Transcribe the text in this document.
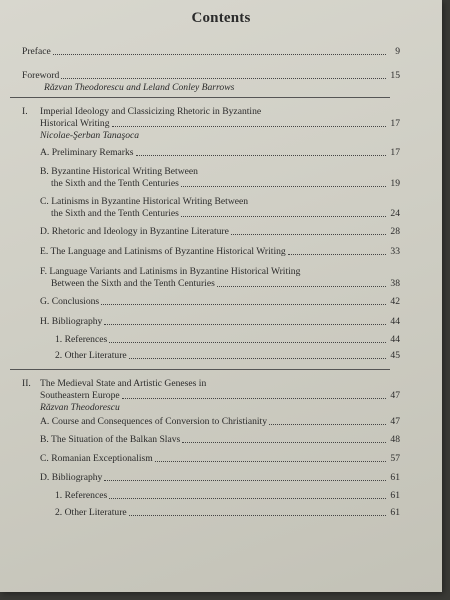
Contents
Preface	9
Foreword	15
Răzvan Theodorescu and Leland Conley Barrows
I. Imperial Ideology and Classicizing Rhetoric in Byzantine
Historical Writing	17
Nicolae-Şerban Tanaşoca
A. Preliminary Remarks	17
B. Byzantine Historical Writing Between
the Sixth and the Tenth Centuries	19
C. Latinisms in Byzantine Historical Writing Between
the Sixth and the Tenth Centuries	24
D. Rhetoric and Ideology in Byzantine Literature	28
E. The Language and Latinisms of Byzantine Historical Writing	33
F. Language Variants and Latinisms in Byzantine Historical Writing
Between the Sixth and the Tenth Centuries	38
G. Conclusions	42
H. Bibliography	44
1. References	44
2. Other Literature	45
II. The Medieval State and Artistic Geneses in
Southeastern Europe	47
Răzvan Theodorescu
A. Course and Consequences of Conversion to Christianity	47
B. The Situation of the Balkan Slavs	48
C. Romanian Exceptionalism	57
D. Bibliography	61
1. References	61
2. Other Literature	61
